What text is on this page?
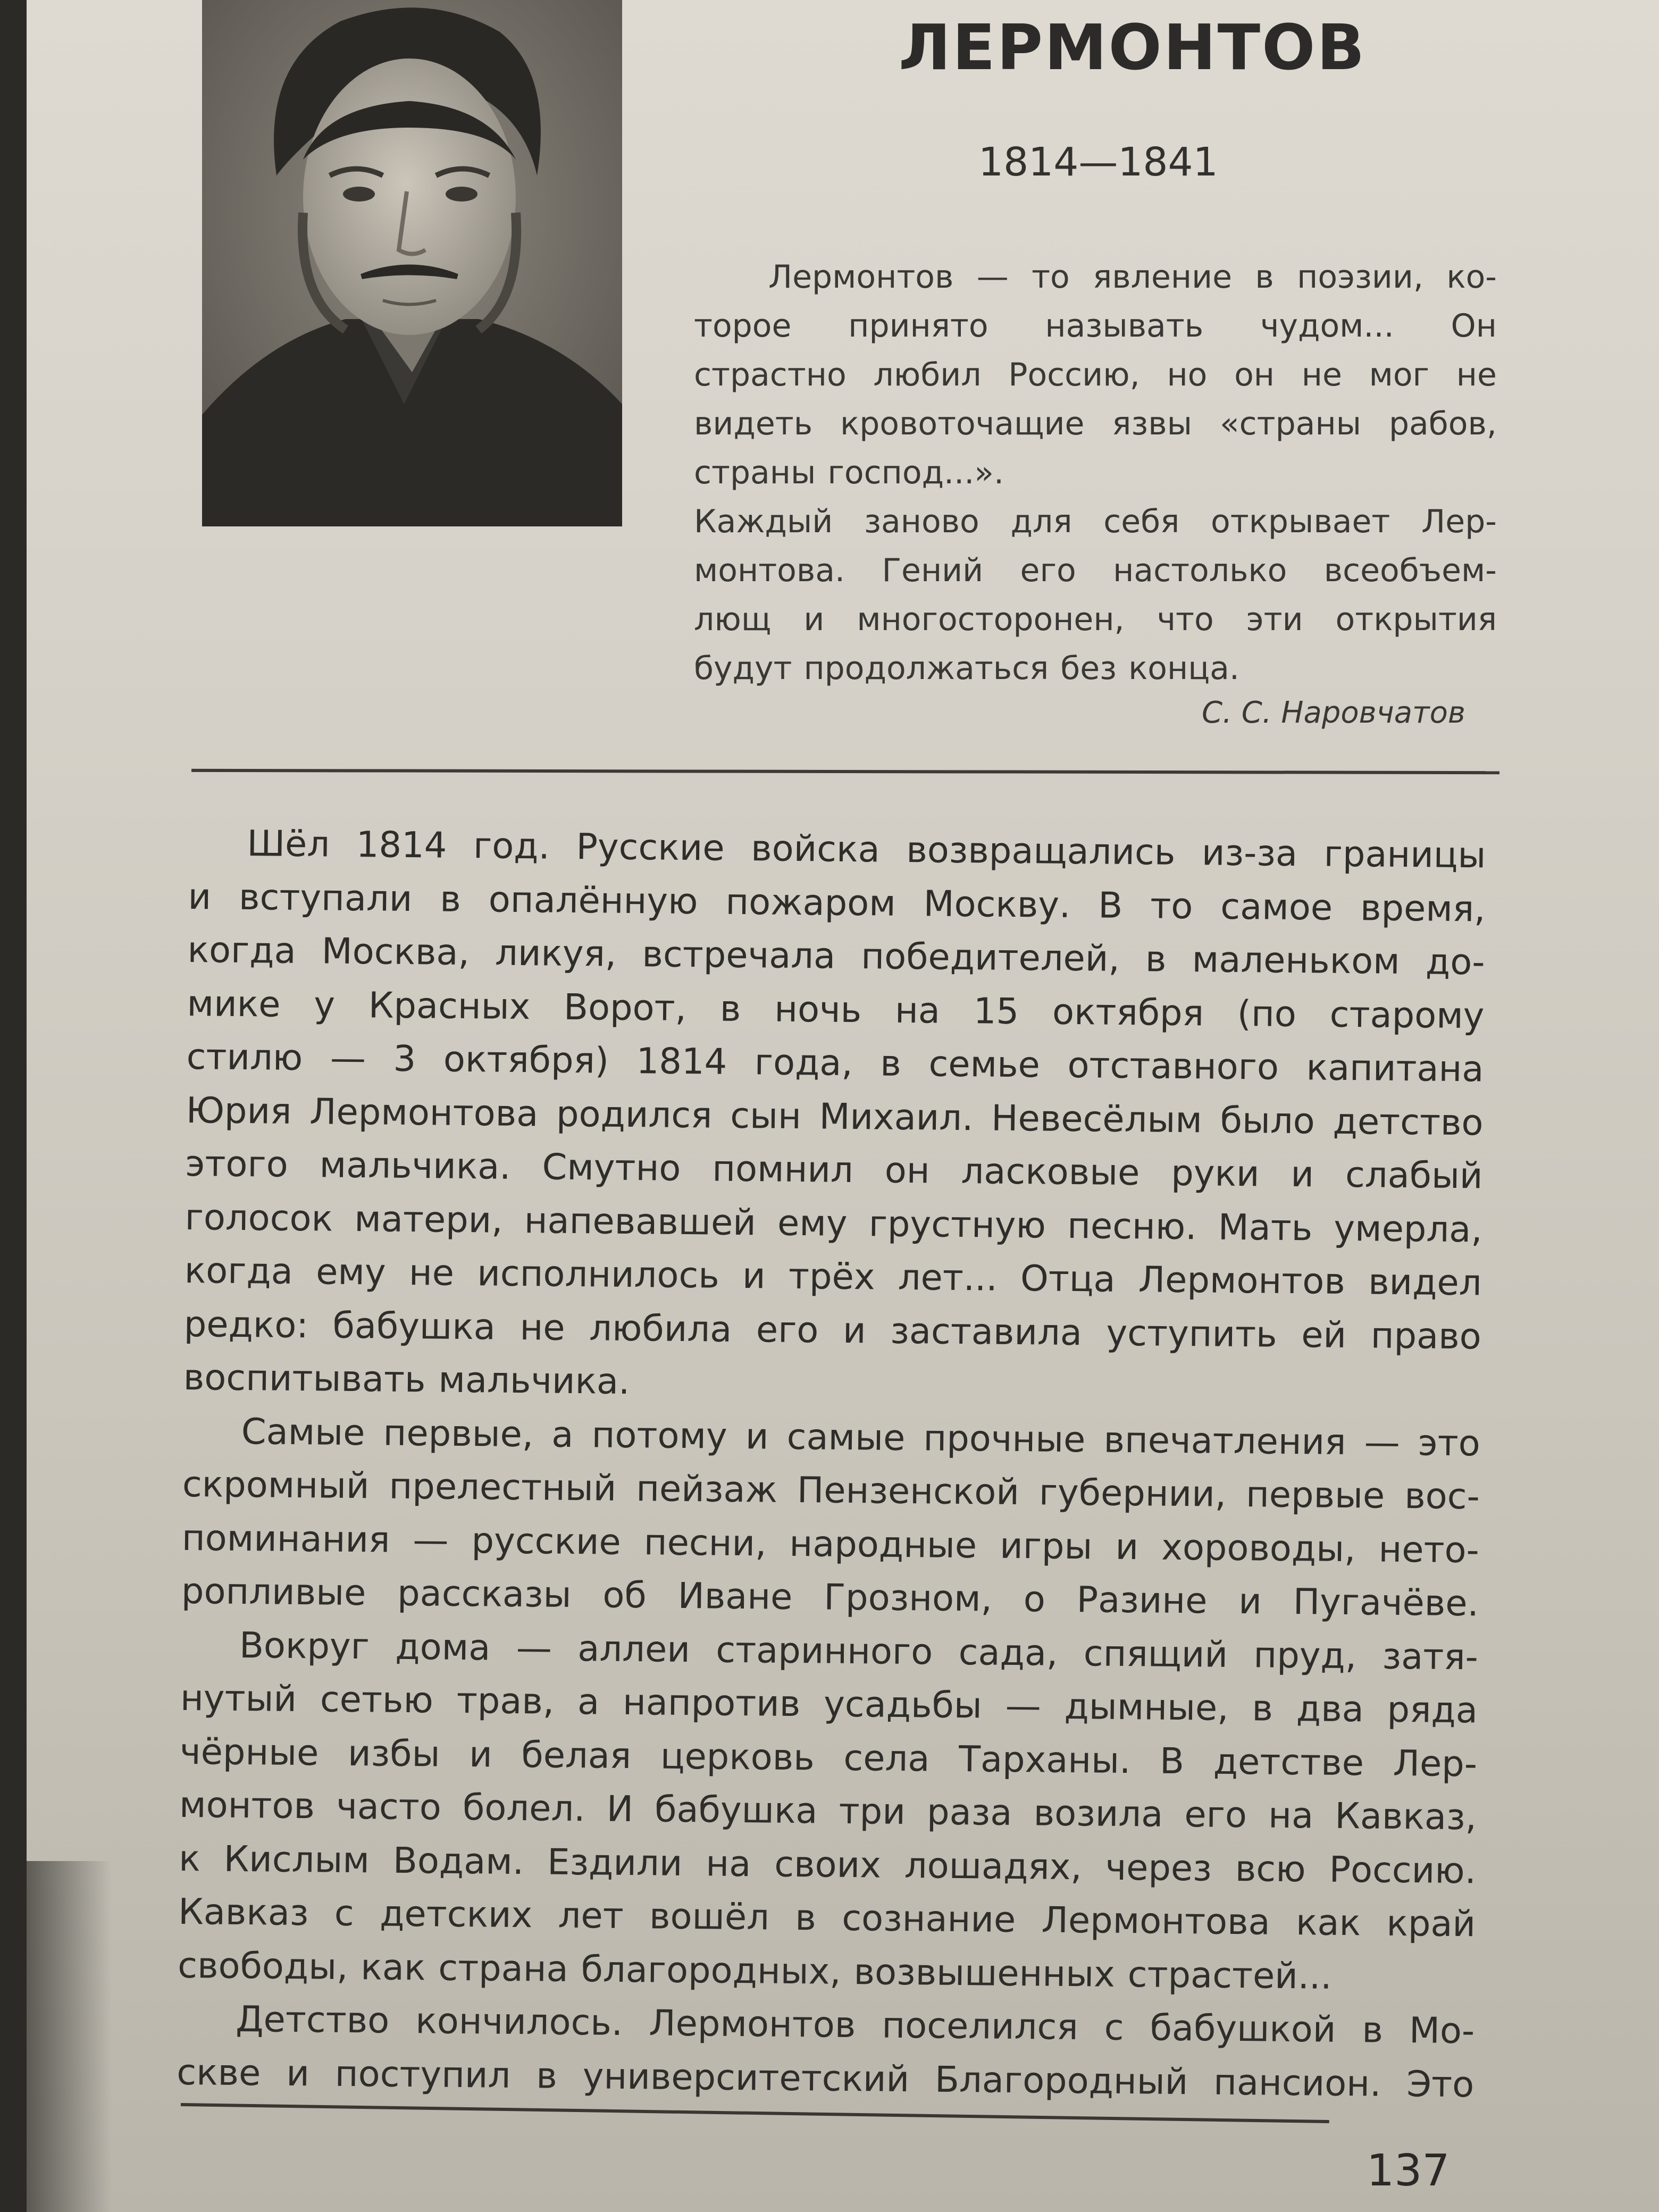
ЛЕРМОНТОВ
1814—1841
Лермонтов — то явление в поэзии, ко-
торое принято называть чудом... Он
страстно любил Россию, но он не мог не
видеть кровоточащие язвы «страны рабов,
страны господ...».
Каждый заново для себя открывает Лер-
монтова. Гений его настолько всеобъем-
лющ и многосторонен, что эти открытия
будут продолжаться без конца.
С. С. Наровчатов
Шёл 1814 год. Русские войска возвращались из-за границы
и вступали в опалённую пожаром Москву. В то самое время,
когда Москва, ликуя, встречала победителей, в маленьком до-
мике у Красных Ворот, в ночь на 15 октября (по старому
стилю — 3 октября) 1814 года, в семье отставного капитана
Юрия Лермонтова родился сын Михаил. Невесёлым было детство
этого мальчика. Смутно помнил он ласковые руки и слабый
голосок матери, напевавшей ему грустную песню. Мать умерла,
когда ему не исполнилось и трёх лет... Отца Лермонтов видел
редко: бабушка не любила его и заставила уступить ей право
воспитывать мальчика.
Самые первые, а потому и самые прочные впечатления — это
скромный прелестный пейзаж Пензенской губернии, первые вос-
поминания — русские песни, народные игры и хороводы, нето-
ропливые рассказы об Иване Грозном, о Разине и Пугачёве.
Вокруг дома — аллеи старинного сада, спящий пруд, затя-
нутый сетью трав, а напротив усадьбы — дымные, в два ряда
чёрные избы и белая церковь села Тарханы. В детстве Лер-
монтов часто болел. И бабушка три раза возила его на Кавказ,
к Кислым Водам. Ездили на своих лошадях, через всю Россию.
Кавказ с детских лет вошёл в сознание Лермонтова как край
свободы, как страна благородных, возвышенных страстей...
Детство кончилось. Лермонтов поселился с бабушкой в Мо-
скве и поступил в университетский Благородный пансион. Это
137
